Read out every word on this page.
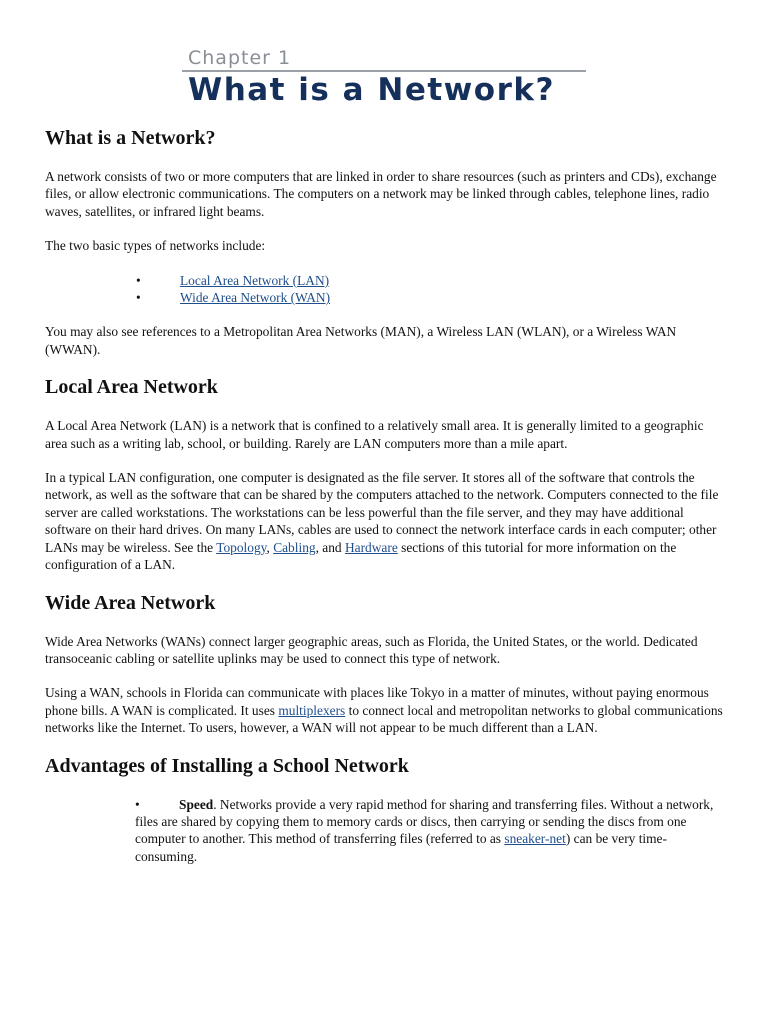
Chapter 1
What is a Network?
What is a Network?

A network consists of two or more computers that are linked in order to share resources (such as printers and CDs), exchange files, or allow electronic communications. The computers on a network may be linked through cables, telephone lines, radio waves, satellites, or infrared light beams.

The two basic types of networks include:

•	Local Area Network (LAN)
•	Wide Area Network (WAN)

You may also see references to a Metropolitan Area Networks (MAN), a Wireless LAN (WLAN), or a Wireless WAN (WWAN).

Local Area Network

A Local Area Network (LAN) is a network that is confined to a relatively small area. It is generally limited to a geographic area such as a writing lab, school, or building. Rarely are LAN computers more than a mile apart.

In a typical LAN configuration, one computer is designated as the file server. It stores all of the software that controls the network, as well as the software that can be shared by the computers attached to the network. Computers connected to the file server are called workstations. The workstations can be less powerful than the file server, and they may have additional software on their hard drives. On many LANs, cables are used to connect the network interface cards in each computer; other LANs may be wireless. See the Topology, Cabling, and Hardware sections of this tutorial for more information on the configuration of a LAN.

Wide Area Network

Wide Area Networks (WANs) connect larger geographic areas, such as Florida, the United States, or the world. Dedicated transoceanic cabling or satellite uplinks may be used to connect this type of network.

Using a WAN, schools in Florida can communicate with places like Tokyo in a matter of minutes, without paying enormous phone bills. A WAN is complicated. It uses multiplexers to connect local and metropolitan networks to global communications networks like the Internet. To users, however, a WAN will not appear to be much different than a LAN.

Advantages of Installing a School Network
•	Speed. Networks provide a very rapid method for sharing and transferring files. Without a network, files are shared by copying them to memory cards or discs, then carrying or sending the discs from one computer to another. This method of transferring files (referred to as sneaker-net) can be very time-consuming.
